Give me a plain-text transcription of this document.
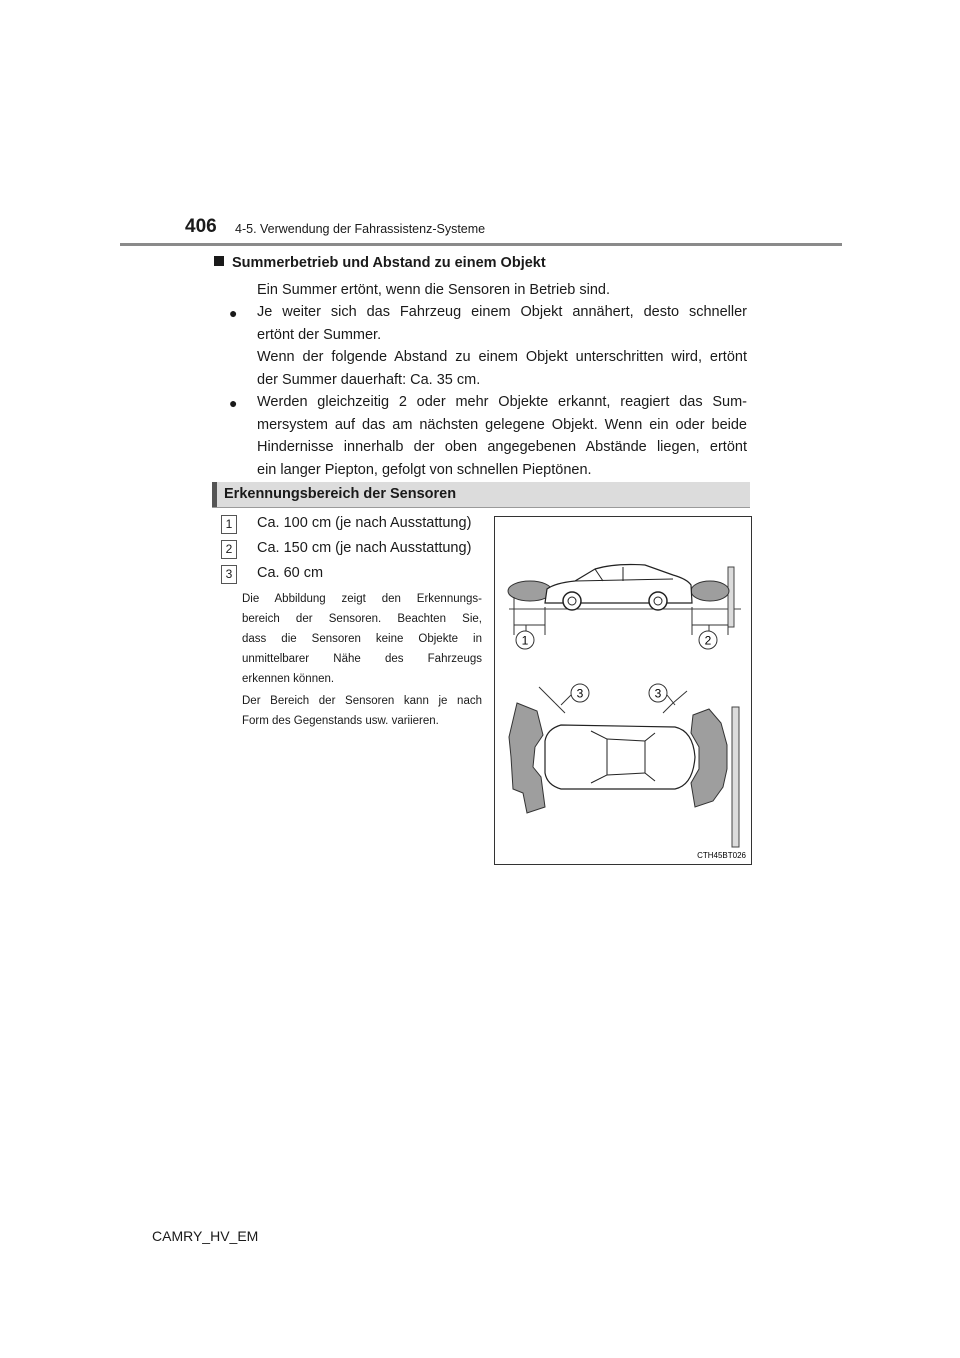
406 4-5. Verwendung der Fahrassistenz-Systeme
Summerbetrieb und Abstand zu einem Objekt
Ein Summer ertönt, wenn die Sensoren in Betrieb sind.
● Je weiter sich das Fahrzeug einem Objekt annähert, desto schneller
ertönt der Summer.
Wenn der folgende Abstand zu einem Objekt unterschritten wird, ertönt
der Summer dauerhaft: Ca. 35 cm.
● Werden gleichzeitig 2 oder mehr Objekte erkannt, reagiert das Sum-
mersystem auf das am nächsten gelegene Objekt. Wenn ein oder beide
Hindernisse innerhalb der oben angegebenen Abstände liegen, ertönt
ein langer Piepton, gefolgt von schnellen Pieptönen.
Erkennungsbereich der Sensoren
1	Ca. 100 cm (je nach Ausstattung)
2	Ca. 150 cm (je nach Ausstattung)
3	Ca. 60 cm
Die Abbildung zeigt den Erkennungs-
bereich der Sensoren. Beachten Sie,
dass die Sensoren keine Objekte in
unmittelbarer Nähe des Fahrzeugs
erkennen können.
Der Bereich der Sensoren kann je nach
Form des Gegenstands usw. variieren.
1	2
3	3
CTH45BT026
CAMRY_HV_EM
